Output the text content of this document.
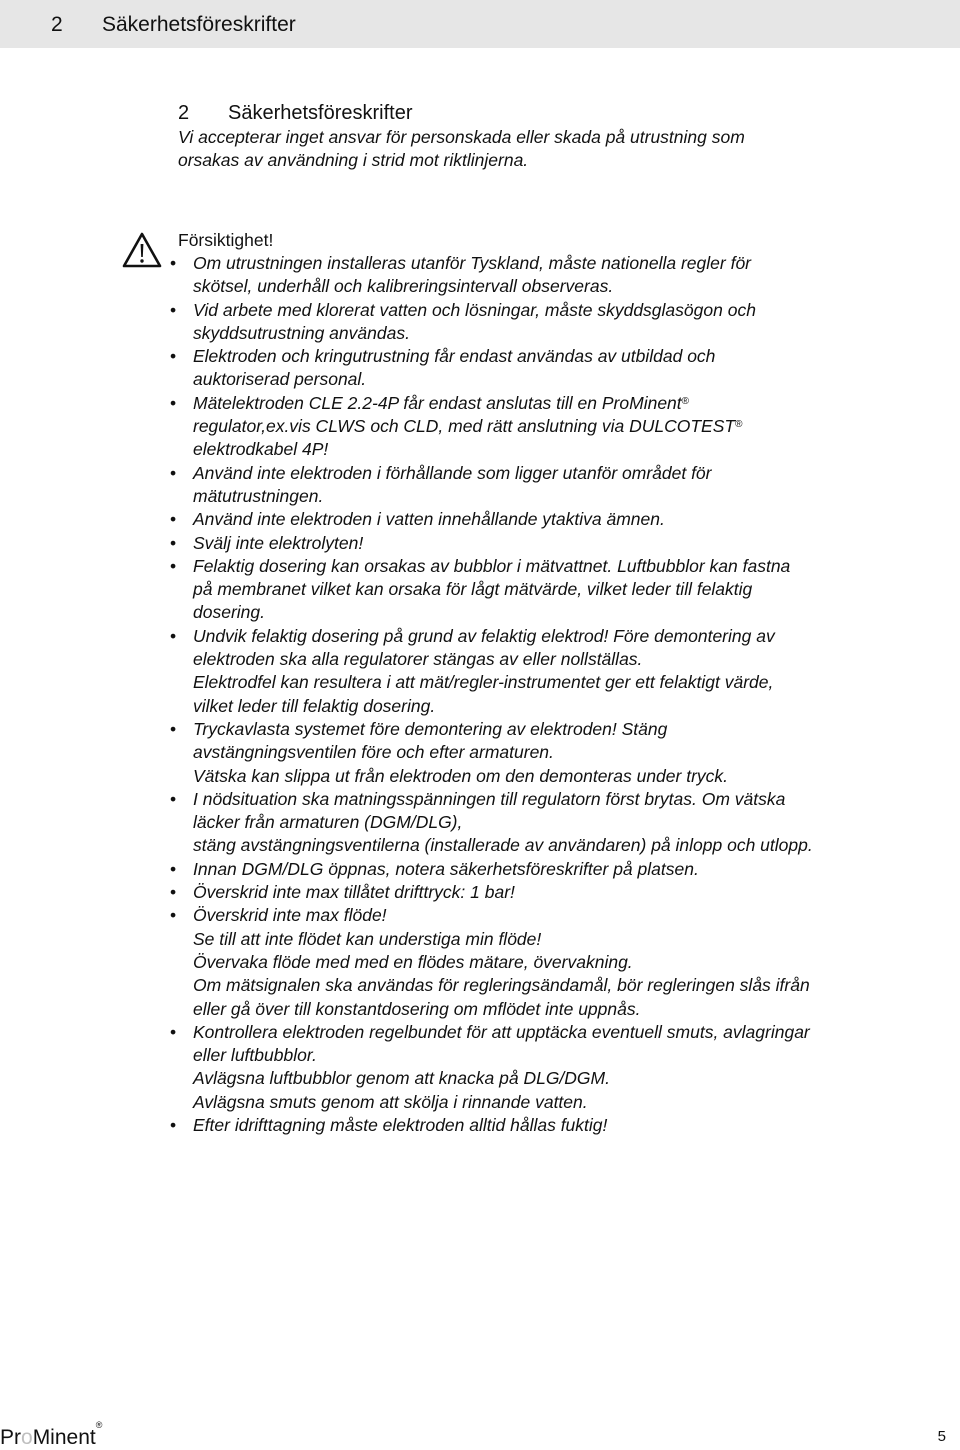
2 Säkerhetsföreskrifter
2 Säkerhetsföreskrifter
Vi accepterar inget ansvar för personskada eller skada på utrustning som
orsakas av användning i strid mot riktlinjerna.
Försiktighet!
• Om utrustningen installeras utanför Tyskland, måste nationella regler för
skötsel, underhåll och kalibreringsintervall observeras.
• Vid arbete med klorerat vatten och lösningar, måste skyddsglasögon och
skyddsutrustning användas.
• Elektroden och kringutrustning får endast användas av utbildad och
auktoriserad personal.
• Mätelektroden CLE 2.2-4P får endast anslutas till en ProMinent®
regulator,ex.vis CLWS och CLD, med rätt anslutning via DULCOTEST®
elektrodkabel 4P!
• Använd inte elektroden i förhållande som ligger utanför området för
mätutrustningen.
• Använd inte elektroden i vatten innehållande ytaktiva ämnen.
• Svälj inte elektrolyten!
• Felaktig dosering kan orsakas av bubblor i mätvattnet. Luftbubblor kan fastna
på membranet vilket kan orsaka för lågt mätvärde, vilket leder till felaktig
dosering.
• Undvik felaktig dosering på grund av felaktig elektrod! Före demontering av
elektroden ska alla regulatorer stängas av eller nollställas.
Elektrodfel kan resultera i att mät/regler-instrumentet ger ett felaktigt värde,
vilket leder till felaktig dosering.
• Tryckavlasta systemet före demontering av elektroden! Stäng
avstängningsventilen före och efter armaturen.
Vätska kan slippa ut från elektroden om den demonteras under tryck.
• I nödsituation ska matningsspänningen till regulatorn först brytas. Om vätska
läcker från armaturen (DGM/DLG),
stäng avstängningsventilerna (installerade av användaren) på inlopp och utlopp.
• Innan DGM/DLG öppnas, notera säkerhetsföreskrifter på platsen.
• Överskrid inte max tillåtet drifttryck: 1 bar!
• Överskrid inte max flöde!
Se till att inte flödet kan understiga min flöde!
Övervaka flöde med med en flödes mätare, övervakning.
Om mätsignalen ska användas för regleringsändamål, bör regleringen slås ifrån
eller gå över till konstantdosering om mflödet inte uppnås.
• Kontrollera elektroden regelbundet för att upptäcka eventuell smuts, avlagringar
eller luftbubblor.
Avlägsna luftbubblor genom att knacka på DLG/DGM.
Avlägsna smuts genom att skölja i rinnande vatten.
• Efter idrifttagning måste elektroden alltid hållas fuktig!
ProMinent®
5
